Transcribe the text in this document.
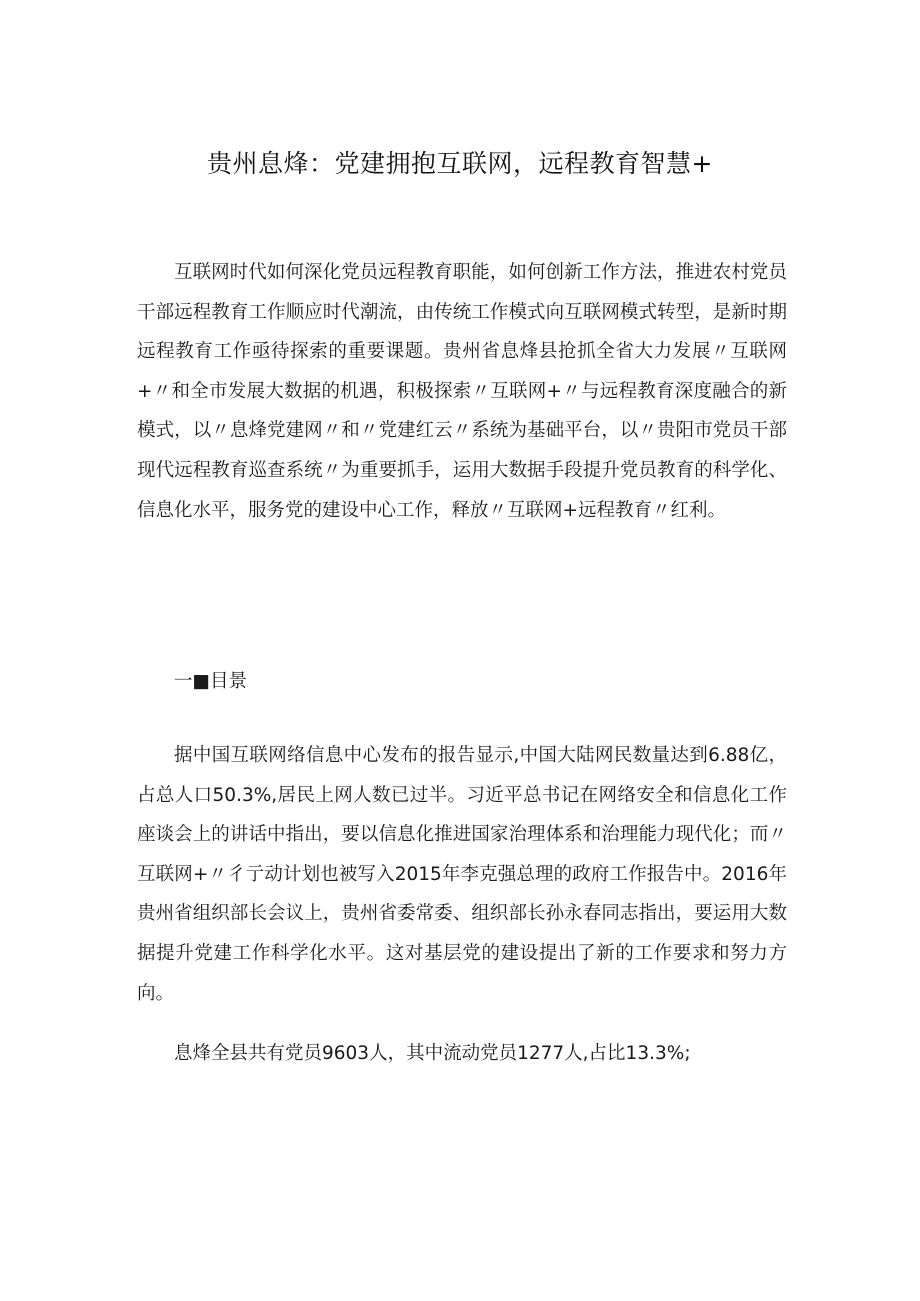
贵州息烽：党建拥抱互联网，远程教育智慧+

互联网时代如何深化党员远程教育职能，如何创新工作方法，推进农村党员干部远程教育工作顺应时代潮流，由传统工作模式向互联网模式转型，是新时期远程教育工作亟待探索的重要课题。贵州省息烽县抢抓全省大力发展〃互联网+〃和全市发展大数据的机遇，积极探索〃互联网+〃与远程教育深度融合的新模式，以〃息烽党建网〃和〃党建红云〃系统为基础平台，以〃贵阳市党员干部现代远程教育巡查系统〃为重要抓手，运用大数据手段提升党员教育的科学化、信息化水平，服务党的建设中心工作，释放〃互联网+远程教育〃红利。

一■目景

据中国互联网络信息中心发布的报告显示,中国大陆网民数量达到6.88亿，占总人口50.3%,居民上网人数已过半。习近平总书记在网络安全和信息化工作座谈会上的讲话中指出，要以信息化推进国家治理体系和治理能力现代化；而〃互联网+〃彳亍动计划也被写入2015年李克强总理的政府工作报告中。2016年贵州省组织部长会议上，贵州省委常委、组织部长孙永春同志指出，要运用大数据提升党建工作科学化水平。这对基层党的建设提出了新的工作要求和努力方向。

息烽全县共有党员9603人，其中流动党员1277人,占比13.3%;
